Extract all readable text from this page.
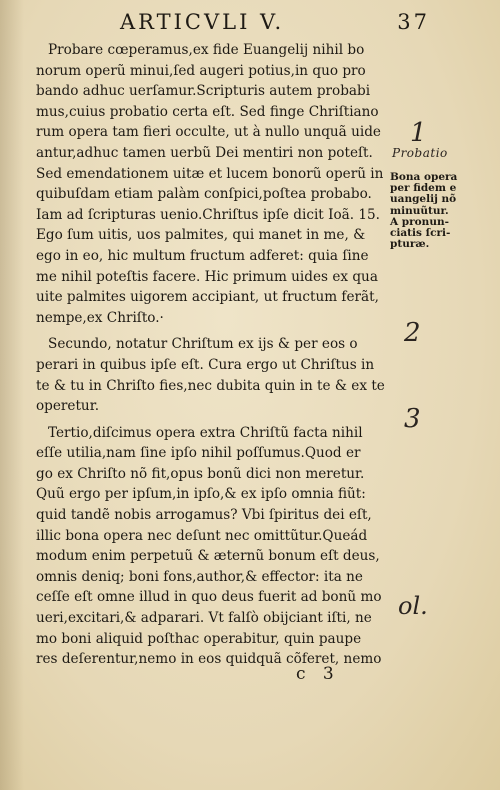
ARTICVLI V.	37
Probare cœperamus,ex fide Euangelij nihil bo
norum operũ minui,ſed augeri potius,in quo pro
bando adhuc uerſamur.Scripturis autem probabi
mus,cuius probatio certa eſt. Sed finge Chriſtiano
rum opera tam fieri occulte, ut à nullo unquã uide
antur,adhuc tamen uerbũ Dei mentiri non poteſt.
Sed emendationem uitæ et lucem bonorũ operũ in
quibuſdam etiam palàm conſpici,poſtea probabo.
Iam ad ſcripturas uenio.Chriſtus ipſe dicit Ioã. 15.
Ego ſum uitis, uos palmites, qui manet in me, &
ego in eo, hic multum fructum adferet: quia ſine
me nihil poteſtis facere. Hic primum uides ex qua
uite palmites uigorem accipiant, ut fructum ferãt,
nempe,ex Chriſto.·
Secundo, notatur Chriſtum ex ijs & per eos o
perari in quibus ipſe eſt. Cura ergo ut Chriſtus in
te & tu in Chriſto fies,nec dubita quin in te & ex te
operetur.
Tertio,diſcimus opera extra Chriſtũ facta nihil
eſſe utilia,nam ſine ipſo nihil poſſumus.Quod er
go ex Chriſto nõ fit,opus bonũ dici non meretur.
Quũ ergo per ipſum,in ipſo,& ex ipſo omnia fiũt:
quid tandẽ nobis arrogamus? Vbi ſpiritus dei eſt,
illic bona opera nec deſunt nec omittũtur.Queád
modum enim perpetuũ & æternũ bonum eſt deus,
omnis deniq; boni fons,author,& effector: ita ne
ceſſe eſt omne illud in quo deus fuerit ad bonũ mo
ueri,excitari,& adparari. Vt falſò obijciant iſti, ne
mo boni aliquid poſthac operabitur, quin paupe
res deſerentur,nemo in eos quidquã cõferet, nemo
Bona opera
per fidem e
uangelij nõ
minuũtur.
A pronun-
ciatis ſcri-
pturæ.
1
Probatio
2
3
ol.
c 3
